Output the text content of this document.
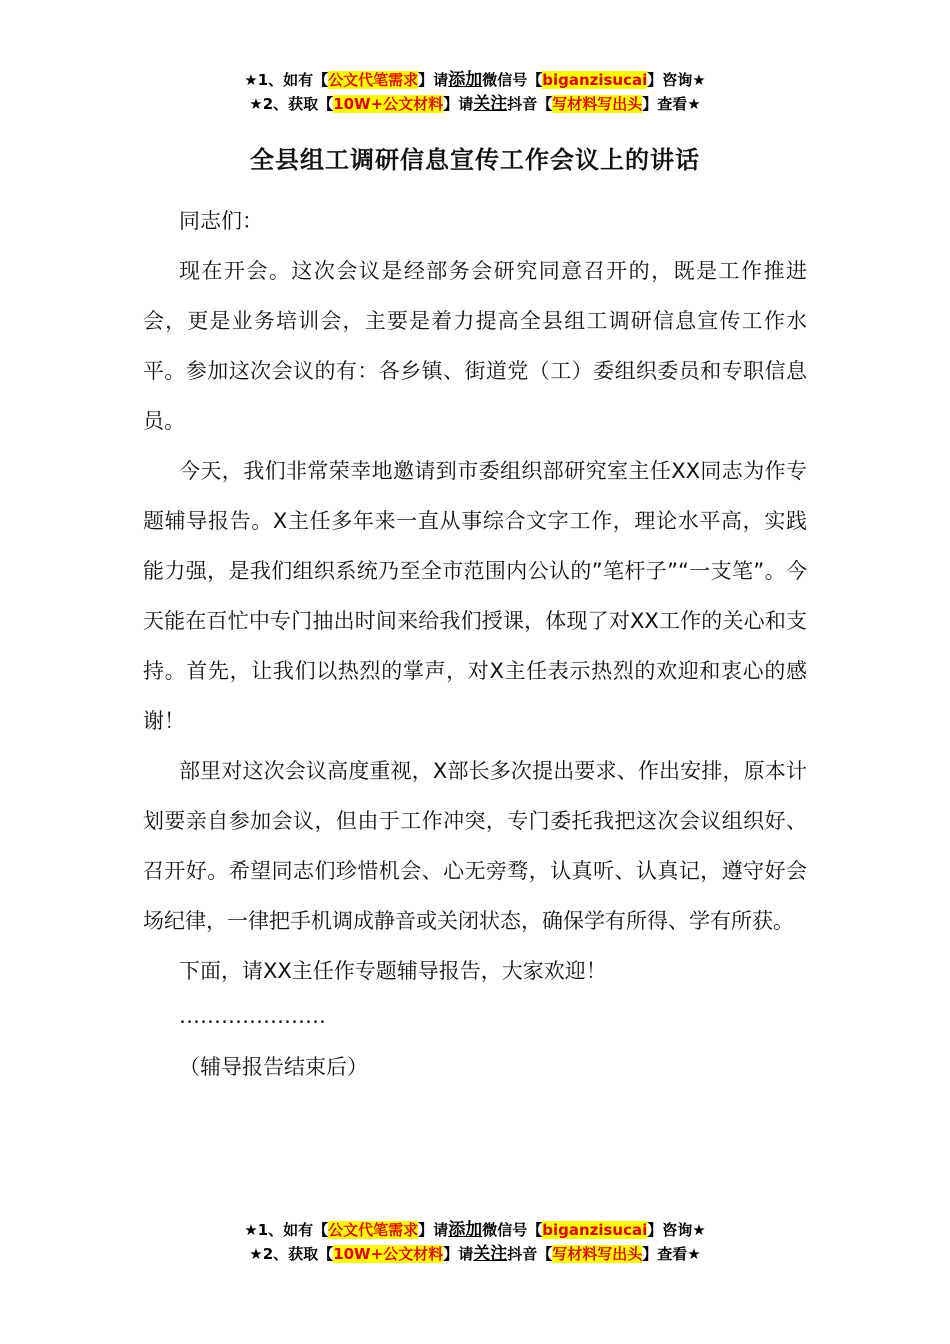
★1、如有【公文代笔需求】请添加微信号【biganzisucai】咨询★
★2、获取【10W+公文材料】请关注抖音【写材料写出头】查看★
全县组工调研信息宣传工作会议上的讲话

同志们：

现在开会。这次会议是经部务会研究同意召开的，既是工作推进会，更是业务培训会，主要是着力提高全县组工调研信息宣传工作水平。参加这次会议的有：各乡镇、街道党（工）委组织委员和专职信息员。

今天，我们非常荣幸地邀请到市委组织部研究室主任XX同志为作专题辅导报告。X主任多年来一直从事综合文字工作，理论水平高，实践能力强，是我们组织系统乃至全市范围内公认的”笔杆子”“一支笔”。今天能在百忙中专门抽出时间来给我们授课，体现了对XX工作的关心和支持。首先，让我们以热烈的掌声，对X主任表示热烈的欢迎和衷心的感谢！

部里对这次会议高度重视，X部长多次提出要求、作出安排，原本计划要亲自参加会议，但由于工作冲突，专门委托我把这次会议组织好、召开好。希望同志们珍惜机会、心无旁骛，认真听、认真记，遵守好会场纪律，一律把手机调成静音或关闭状态，确保学有所得、学有所获。

下面，请XX主任作专题辅导报告，大家欢迎！

…………………

（辅导报告结束后）

★1、如有【公文代笔需求】请添加微信号【biganzisucai】咨询★
★2、获取【10W+公文材料】请关注抖音【写材料写出头】查看★
